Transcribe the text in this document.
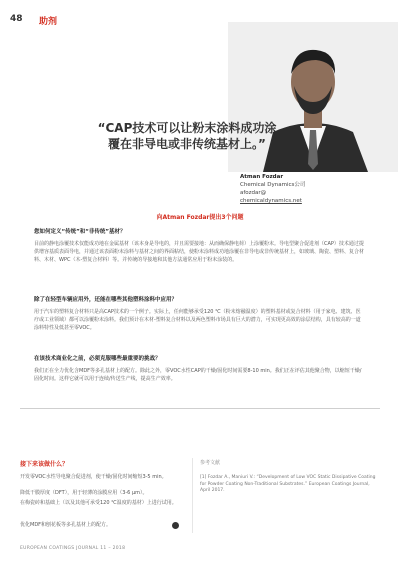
48 助剂
“CAP技术可以让粉末涂料成功涂覆在非导电或非传统基材上。”
Atman Fozdar
Chemical Dynamics公司
afozdar@
chemicaldynamics.net
向Atman Fozdar提出3个问题
您如何定义“传统”和“非传统”基材？
目前的静电涂覆技术仅能成功地在金属基材（该本身是导电的，并且需要接地：从而确保静电荷）上涂覆粉末。导电型聚合促进剂（CAP）技术通过提供增容基质表面导电，并通过该表面粉末涂料与基材之间的界面粘结，使粉末涂料成功地涂覆在非导电或非传统基材上，如玻璃、陶瓷、塑料、复合材料、木材、WPC（木-塑复合材料）等。并传统的导接地和其他方法通常应用于粉末涂装的。
除了在轻型车辆应用外，还能在哪些其他塑料涂料中应用？
用于汽车的塑料复合材料只是高CAP技术的一个例子。实际上，任何能够承受120 ℃（粉末熔融温度）的塑料基材或复合材料（用于家电、建筑、医疗或工业领域）都可以涂覆粉末涂料。我们预计在木材-塑料复合材料以及两色塑料市场具有巨大的潜力，可实现更高效的涂层结构，具有较高的一道涂料特性及低甚至零VOC。
在该技术商业化之前，必须克服哪些最重要的挑战？
我们正在全力优化含MDF等多孔基材上的配方。除此之外，零VOC水性CAP的干燥/固化时间需要8-10 min。我们正在评估其他聚合物，以缩短干燥/固化时间。这样它就可以用于连续/传送生产线，提高生产效率。
接下来该做什么？
开发零VOC水性导电聚合促进剂，使干燥/固化时间缩短3-5 min。
降低干膜厚度（DFT），用于轻薄的涂膜应用（3-6 μm）。
在梅瓷砖和基础上（以及其他可承受120 ℃温度的基材）上进行试用。
优化MDF和刨花板等多孔基材上的配方。
参考文献
[1] Fozdar A., Maniuri V.: “Development of Low VOC Static Dissipative Coating for Powder Coating Non-Traditional Substrates.” European Coatings Journal, April 2017.
EUROPEAN COATINGS JOURNAL 11 – 2018
